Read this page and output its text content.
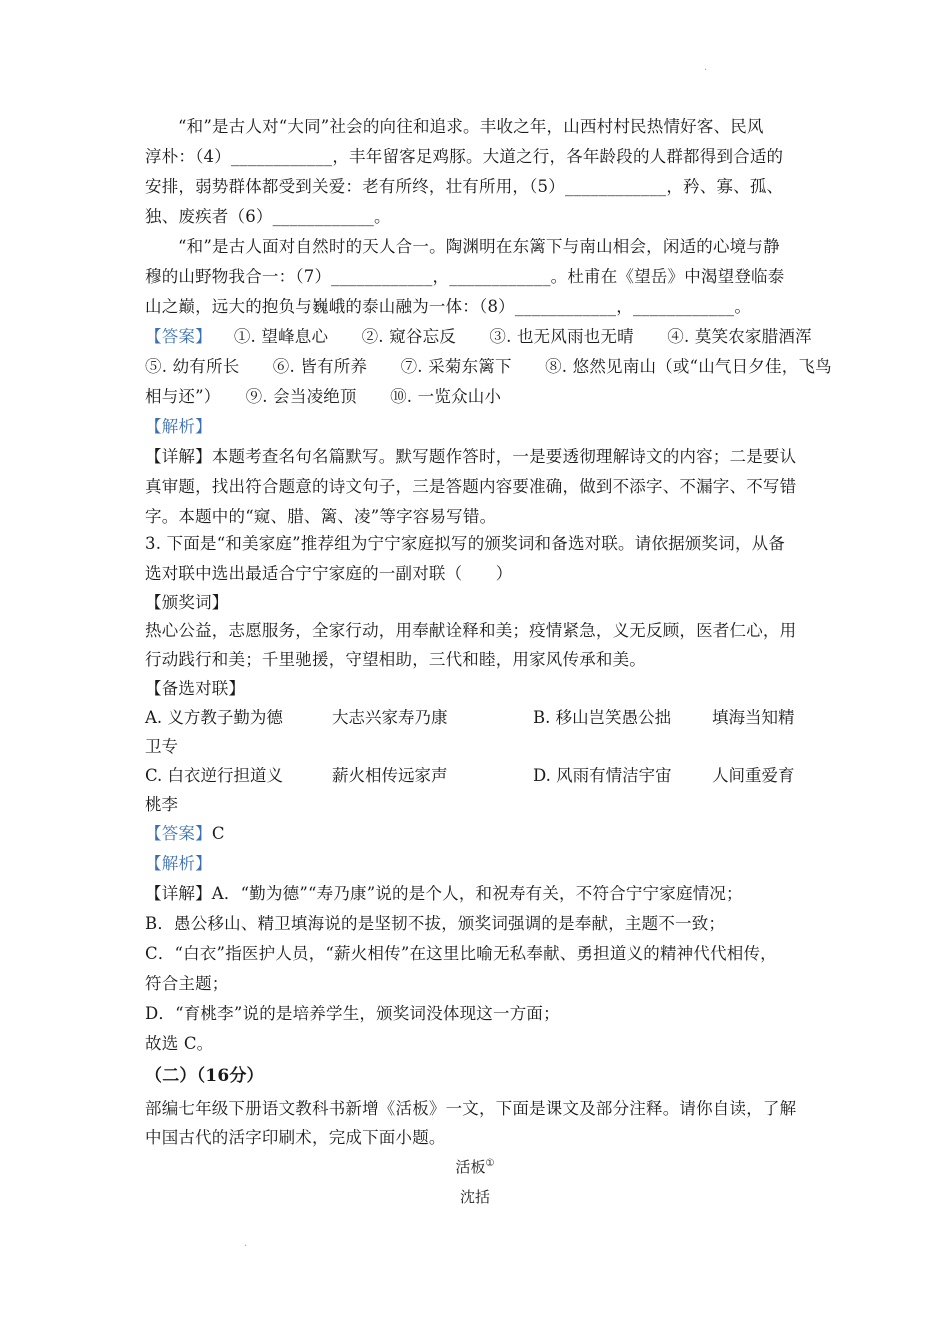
.
“和”是古人对“大同”社会的向往和追求。丰收之年，山西村村民热情好客、民风
淳朴：（4）____________，丰年留客足鸡豚。大道之行，各年龄段的人群都得到合适的
安排，弱势群体都受到关爱：老有所终，壮有所用，（5）____________，矜、寡、孤、
独、废疾者（6）____________。
“和”是古人面对自然时的天人合一。陶渊明在东篱下与南山相会，闲适的心境与静
穆的山野物我合一：（7）____________，____________。杜甫在《望岳》中渴望登临泰
山之巅，远大的抱负与巍峨的泰山融为一体：（8）____________，____________。
【答案】 ①. 望峰息心　　②. 窥谷忘反　　③. 也无风雨也无晴　　④. 莫笑农家腊酒浑
⑤. 幼有所长　　⑥. 皆有所养　　⑦. 采菊东篱下　　⑧. 悠然见南山（或“山气日夕佳，飞鸟
相与还”）　　⑨. 会当凌绝顶　　⑩. 一览众山小
【解析】
【详解】本题考查名句名篇默写。默写题作答时，一是要透彻理解诗文的内容；二是要认
真审题，找出符合题意的诗文句子，三是答题内容要准确，做到不添字、不漏字、不写错
字。本题中的“窥、腊、篱、凌”等字容易写错。
3. 下面是“和美家庭”推荐组为宁宁家庭拟写的颁奖词和备选对联。请依据颁奖词，从备
选对联中选出最适合宁宁家庭的一副对联（　　）
【颁奖词】
热心公益，志愿服务，全家行动，用奉献诠释和美；疫情紧急，义无反顾，医者仁心，用
行动践行和美；千里驰援，守望相助，三代和睦，用家风传承和美。
【备选对联】
A. 义方教子勤为德	大志兴家寿乃康	B. 移山岂笑愚公拙 填海当知精
卫专
C. 白衣逆行担道义	薪火相传远家声	D. 风雨有情洁宇宙 人间重爱育
桃李
【答案】C
【解析】
【详解】A．“勤为德”“寿乃康”说的是个人，和祝寿有关，不符合宁宁家庭情况；
B．愚公移山、精卫填海说的是坚韧不拔，颁奖词强调的是奉献，主题不一致；
C．“白衣”指医护人员，“薪火相传”在这里比喻无私奉献、勇担道义的精神代代相传，
符合主题；
D．“育桃李”说的是培养学生，颁奖词没体现这一方面；
故选 C。
（二）（16分）
部编七年级下册语文教科书新增《活板》一文，下面是课文及部分注释。请你自读，了解
中国古代的活字印刷术，完成下面小题。
活板①
沈括
.
